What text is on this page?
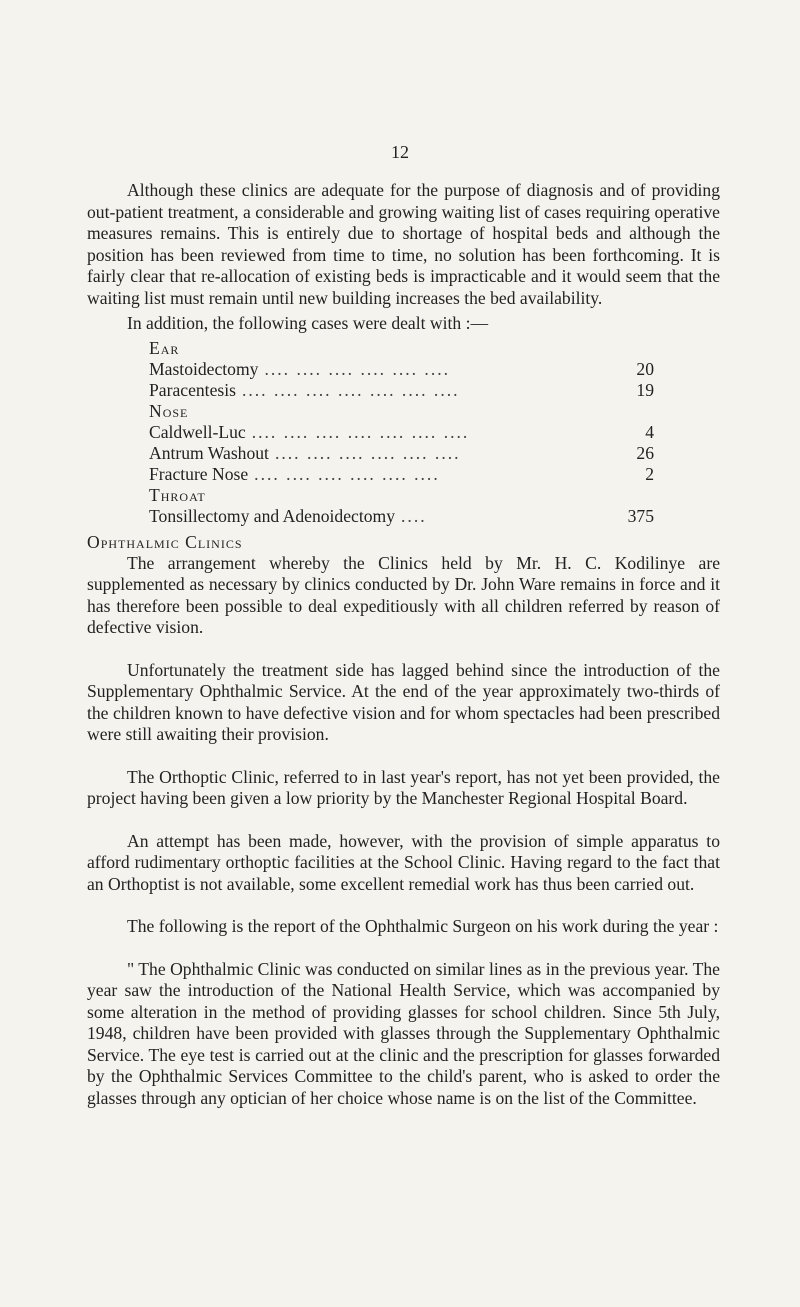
12

Although these clinics are adequate for the purpose of diagnosis and of providing out-patient treatment, a considerable and growing waiting list of cases requiring operative measures remains. This is entirely due to shortage of hospital beds and although the position has been reviewed from time to time, no solution has been forthcoming. It is fairly clear that re-allocation of existing beds is impracticable and it would seem that the waiting list must remain until new building increases the bed availability.

In addition, the following cases were dealt with :—

Ear
Mastoidectomy .... .... .... .... .... ....	20
Paracentesis .... .... .... .... .... .... ....	19
Nose
Caldwell-Luc .... .... .... .... .... .... ....	4
Antrum Washout .... .... .... .... .... ....	26
Fracture Nose .... .... .... .... .... ....	2
Throat
Tonsillectomy and Adenoidectomy ....	375
Ophthalmic Clinics

The arrangement whereby the Clinics held by Mr. H. C. Kodilinye are supplemented as necessary by clinics conducted by Dr. John Ware remains in force and it has therefore been possible to deal expeditiously with all children referred by reason of defective vision.

Unfortunately the treatment side has lagged behind since the introduction of the Supplementary Ophthalmic Service. At the end of the year approximately two-thirds of the children known to have defective vision and for whom spectacles had been prescribed were still awaiting their provision.

The Orthoptic Clinic, referred to in last year's report, has not yet been provided, the project having been given a low priority by the Manchester Regional Hospital Board.

An attempt has been made, however, with the provision of simple apparatus to afford rudimentary orthoptic facilities at the School Clinic. Having regard to the fact that an Orthoptist is not available, some excellent remedial work has thus been carried out.

The following is the report of the Ophthalmic Surgeon on his work during the year :

" The Ophthalmic Clinic was conducted on similar lines as in the previous year. The year saw the introduction of the National Health Service, which was accompanied by some alteration in the method of providing glasses for school children. Since 5th July, 1948, children have been provided with glasses through the Supplementary Ophthalmic Service. The eye test is carried out at the clinic and the prescription for glasses forwarded by the Ophthalmic Services Committee to the child's parent, who is asked to order the glasses through any optician of her choice whose name is on the list of the Committee.
